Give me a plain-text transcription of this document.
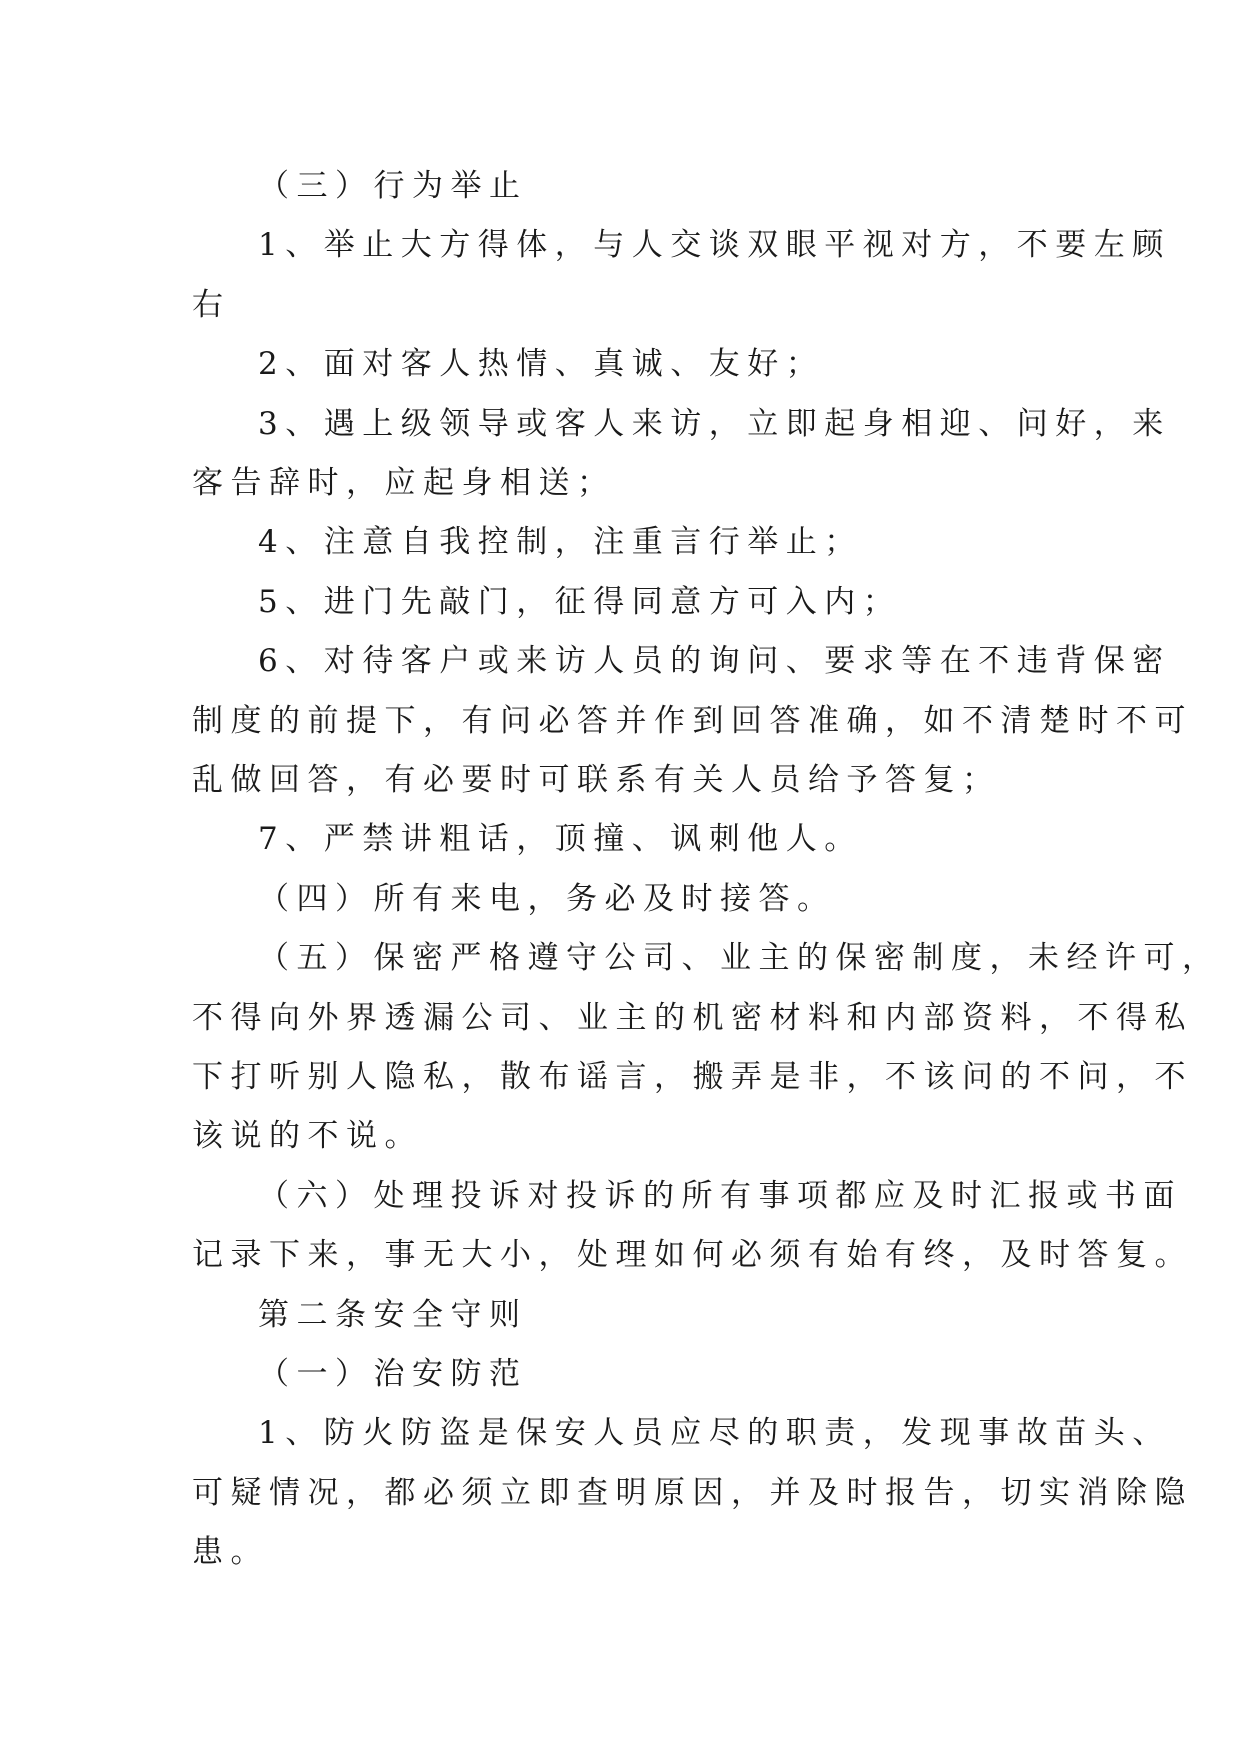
（三）行为举止
1、举止大方得体，与人交谈双眼平视对方，不要左顾
右
2、面对客人热情、真诚、友好；
3、遇上级领导或客人来访，立即起身相迎、问好，来
客告辞时，应起身相送；
4、注意自我控制，注重言行举止；
5、进门先敲门，征得同意方可入内；
6、对待客户或来访人员的询问、要求等在不违背保密
制度的前提下，有问必答并作到回答准确，如不清楚时不可
乱做回答，有必要时可联系有关人员给予答复；
7、严禁讲粗话，顶撞、讽刺他人。
（四）所有来电，务必及时接答。
（五）保密严格遵守公司、业主的保密制度，未经许可，
不得向外界透漏公司、业主的机密材料和内部资料，不得私
下打听别人隐私，散布谣言，搬弄是非，不该问的不问，不
该说的不说。
（六）处理投诉对投诉的所有事项都应及时汇报或书面
记录下来，事无大小，处理如何必须有始有终，及时答复。
第二条安全守则
（一）治安防范
1、防火防盗是保安人员应尽的职责，发现事故苗头、
可疑情况，都必须立即查明原因，并及时报告，切实消除隐
患。
